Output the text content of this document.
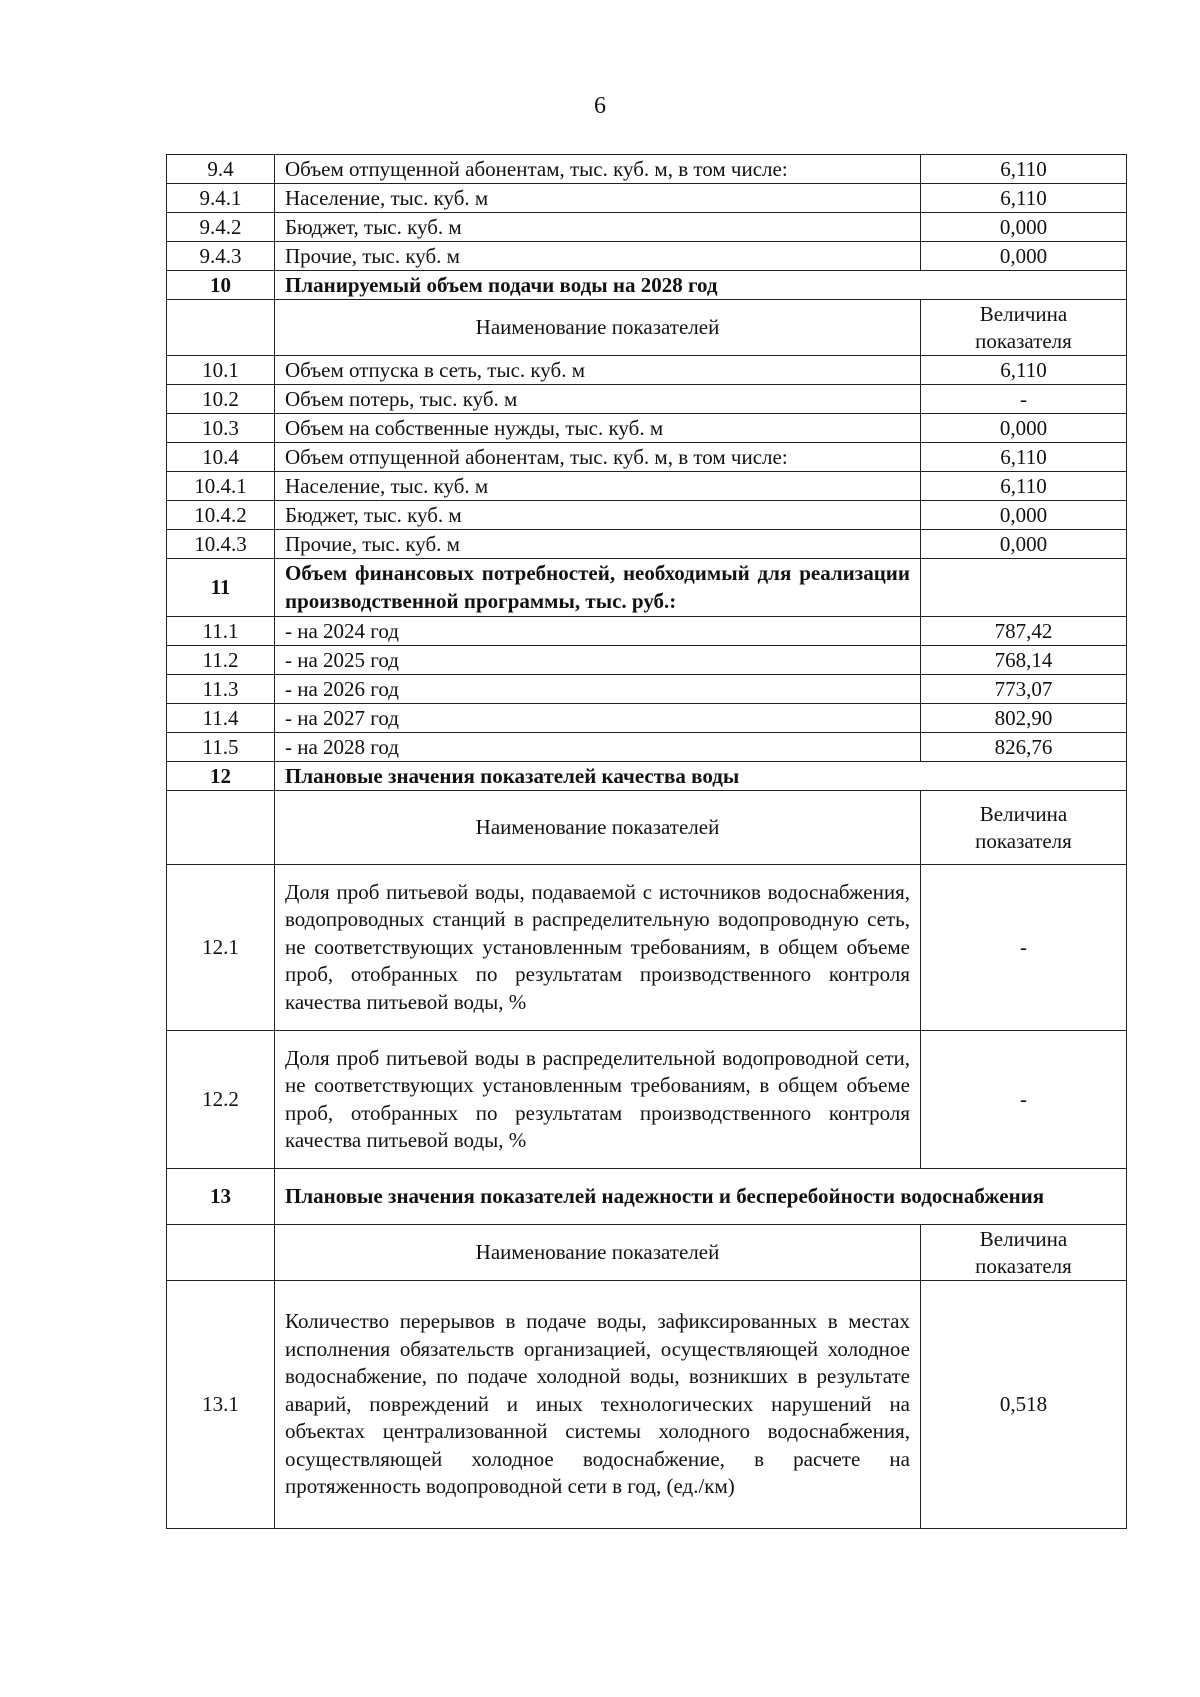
6
9.4	Объем отпущенной абонентам, тыс. куб. м, в том числе:	6,110
9.4.1	Население, тыс. куб. м	6,110
9.4.2	Бюджет, тыс. куб. м	0,000
9.4.3	Прочие, тыс. куб. м	0,000
10	Планируемый объем подачи воды на 2028 год	
	Наименование показателей	Величина показателя
10.1	Объем отпуска в сеть, тыс. куб. м	6,110
10.2	Объем потерь, тыс. куб. м	-
10.3	Объем на собственные нужды, тыс. куб. м	0,000
10.4	Объем отпущенной абонентам, тыс. куб. м, в том числе:	6,110
10.4.1	Население, тыс. куб. м	6,110
10.4.2	Бюджет, тыс. куб. м	0,000
10.4.3	Прочие, тыс. куб. м	0,000
11	Объем финансовых потребностей, необходимый для реализации производственной программы, тыс. руб.:	
11.1	- на 2024 год	787,42
11.2	- на 2025 год	768,14
11.3	- на 2026 год	773,07
11.4	- на 2027 год	802,90
11.5	- на 2028 год	826,76
12	Плановые значения показателей качества воды	
	Наименование показателей	Величина показателя
12.1	Доля проб питьевой воды, подаваемой с источников водоснабжения, водопроводных станций в распределительную водопроводную сеть, не соответствующих установленным требованиям, в общем объеме проб, отобранных по результатам производственного контроля качества питьевой воды, %	-
12.2	Доля проб питьевой воды в распределительной водопроводной сети, не соответствующих установленным требованиям, в общем объеме проб, отобранных по результатам производственного контроля качества питьевой воды, %	-
13	Плановые значения показателей надежности и бесперебойности водоснабжения	
	Наименование показателей	Величина показателя
13.1	Количество перерывов в подаче воды, зафиксированных в местах исполнения обязательств организацией, осуществляющей холодное водоснабжение, по подаче холодной воды, возникших в результате аварий, повреждений и иных технологических нарушений на объектах централизованной системы холодного водоснабжения, осуществляющей холодное водоснабжение, в расчете на протяженность водопроводной сети в год, (ед./км)	0,518
